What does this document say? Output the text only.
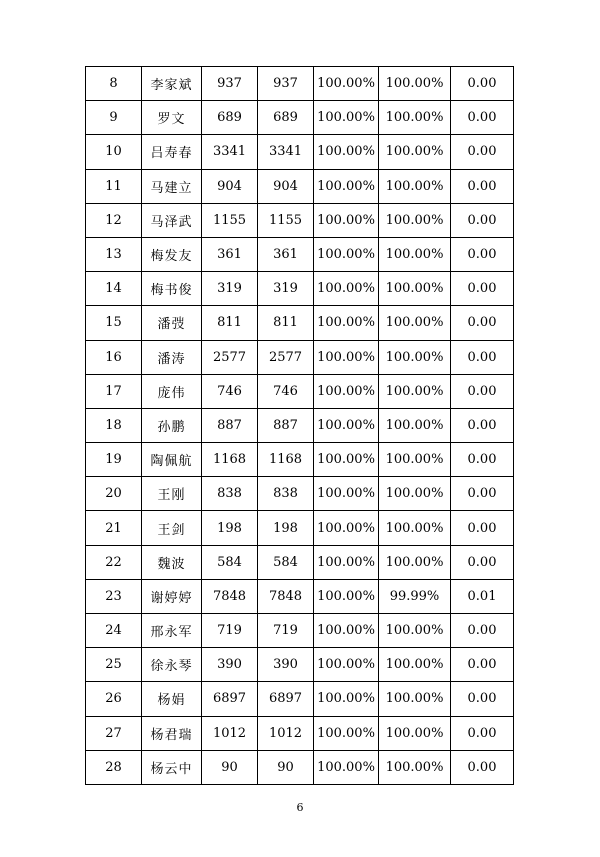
8	李家斌	937	937	100.00%	100.00%	0.00
9	罗文	689	689	100.00%	100.00%	0.00
10	吕寿春	3341	3341	100.00%	100.00%	0.00
11	马建立	904	904	100.00%	100.00%	0.00
12	马泽武	1155	1155	100.00%	100.00%	0.00
13	梅发友	361	361	100.00%	100.00%	0.00
14	梅书俊	319	319	100.00%	100.00%	0.00
15	潘弢	811	811	100.00%	100.00%	0.00
16	潘涛	2577	2577	100.00%	100.00%	0.00
17	庞伟	746	746	100.00%	100.00%	0.00
18	孙鹏	887	887	100.00%	100.00%	0.00
19	陶佩航	1168	1168	100.00%	100.00%	0.00
20	王刚	838	838	100.00%	100.00%	0.00
21	王剑	198	198	100.00%	100.00%	0.00
22	魏波	584	584	100.00%	100.00%	0.00
23	谢婷婷	7848	7848	100.00%	99.99%	0.01
24	邢永军	719	719	100.00%	100.00%	0.00
25	徐永琴	390	390	100.00%	100.00%	0.00
26	杨娟	6897	6897	100.00%	100.00%	0.00
27	杨君瑞	1012	1012	100.00%	100.00%	0.00
28	杨云中	90	90	100.00%	100.00%	0.00
6
